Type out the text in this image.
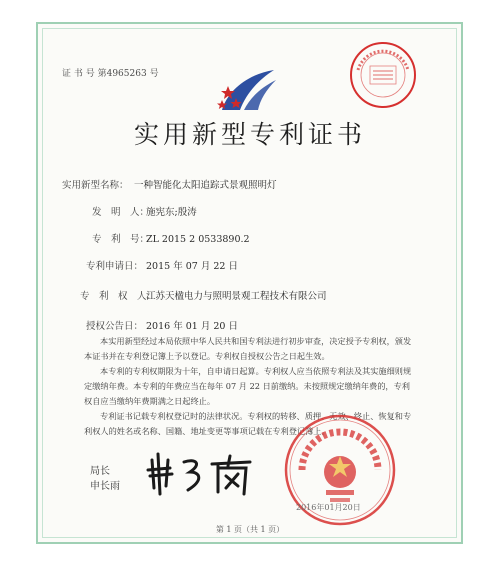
证 书 号 第4965263 号
实用新型专利证书
实用新型名称： 一种智能化太阳追踪式景观照明灯
发　明　人：
施宪东;殷涛
专　利　号：
ZL 2015 2 0533890.2
专利申请日： 2015 年 07 月 22 日
专　利　权　人：
江苏天楹电力与照明景观工程技术有限公司
授权公告日： 2016 年 01 月 20 日

本实用新型经过本局依照中华人民共和国专利法进行初步审查，决定授予专利权，颁发本证书并在专利登记簿上予以登记。专利权自授权公告之日起生效。

本专利的专利权期限为十年，自申请日起算。专利权人应当依照专利法及其实施细则规定缴纳年费。本专利的年费应当在每年 07 月 22 日前缴纳。未按照规定缴纳年费的，专利权自应当缴纳年费期满之日起终止。

专利证书记载专利权登记时的法律状况。专利权的转移、质押、无效、终止、恢复和专利权人的姓名或名称、国籍、地址变更等事项记载在专利登记簿上。

局长
申长雨
2016年01月20日
第 1 页（共 1 页）
